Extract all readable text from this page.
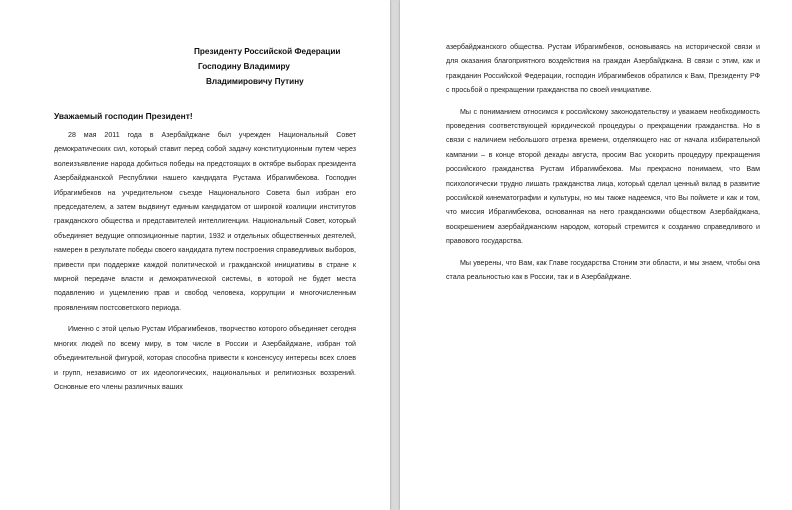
Президенту Российской Федерации
Господину Владимиру
Владимировичу Путину
Уважаемый господин Президент!

28 мая 2011 года в Азербайджане был учрежден Национальный Совет демократических сил, который ставит перед собой задачу конституционным путем через волеизъявление народа добиться победы на предстоящих в октябре выборах президента Азербайджанской Республики нашего кандидата Рустама Ибрагимбекова. Господин Ибрагимбеков на учредительном съезде Национального Совета был избран его председателем, а затем выдвинут единым кандидатом от широкой коалиции институтов гражданского общества и представителей интеллигенции. Национальный Совет, который объединяет ведущие оппозиционные партии, 1932 и отдельных общественных деятелей, намерен в результате победы своего кандидата путем построения справедливых выборов, привести при поддержке каждой политической и гражданской инициативы в стране к мирной передаче власти и демократической системы, в которой не будет места подавлению и ущемлению прав и свобод человека, коррупции и многочисленным проявлениям постсоветского периода.

Именно с этой целью Рустам Ибрагимбеков, творчество которого объединяет сегодня многих людей по всему миру, в том числе в России и Азербайджане, избран той объединительной фигурой, которая способна привести к консенсусу интересы всех слоев и групп, независимо от их идеологических, национальных и религиозных воззрений. Основные его члены различных ваших

азербайджанского общества. Рустам Ибрагимбеков, основываясь на исторической связи и для оказания благоприятного воздействия на граждан Азербайджана. В связи с этим, как и гражданин Российской Федерации, господин Ибрагимбеков обратился к Вам, Президенту РФ с просьбой о прекращении гражданства по своей инициативе.

Мы с пониманием относимся к российскому законодательству и уважаем необходимость проведения соответствующей юридической процедуры о прекращении гражданства. Но в связи с наличием небольшого отрезка времени, отделяющего нас от начала избирательной кампании – в конце второй декады августа, просим Вас ускорить процедуру прекращения российского гражданства Рустам Ибрагимбекова. Мы прекрасно понимаем, что Вам психологически трудно лишать гражданства лица, который сделал ценный вклад в развитие российской кинематографии и культуры, но мы также надеемся, что Вы поймете и как и том, что миссия Ибрагимбекова, основанная на него гражданскими обществом Азербайджана, воскрешением азербайджанским народом, который стремится к созданию справедливого и правового государства.

Мы уверены, что Вам, как Главе государства Стоним эти области, и мы знаем, чтобы она стала реальностью как в России, так и в Азербайджане.
